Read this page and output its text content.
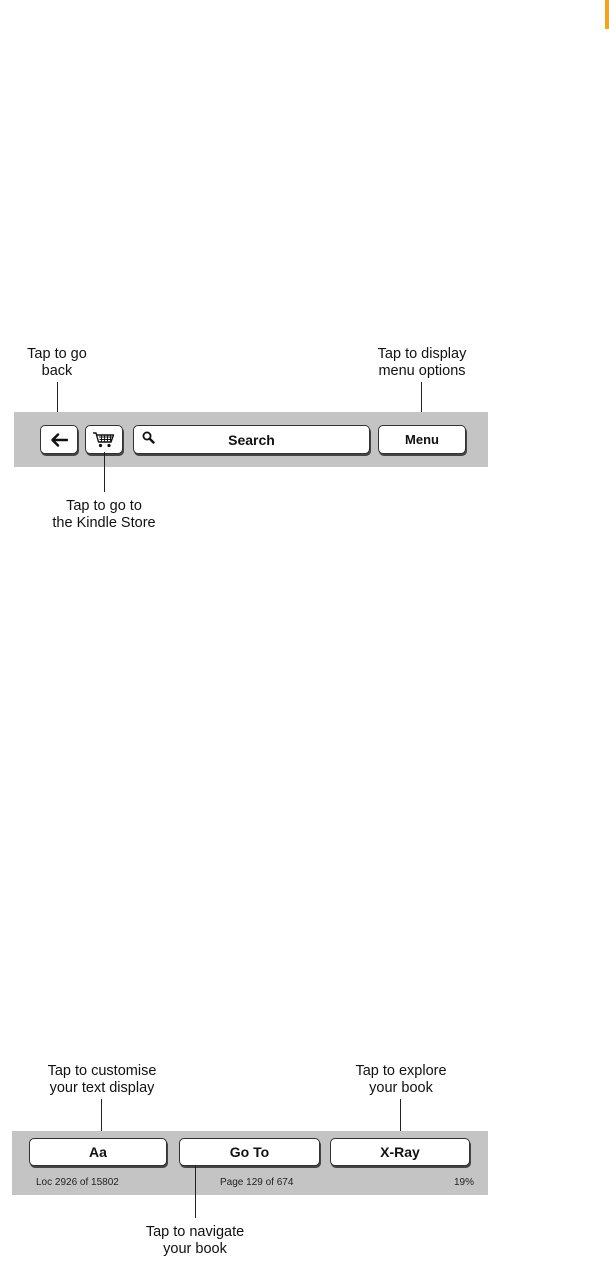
Tap to go
back
Tap to display
menu options
Search	Menu
Tap to go to
the Kindle Store
Tap to customise
your text display
Tap to explore
your book
Aa	Go To	X-Ray
Loc 2926 of 15802	Page 129 of 674	19%
Tap to navigate
your book
